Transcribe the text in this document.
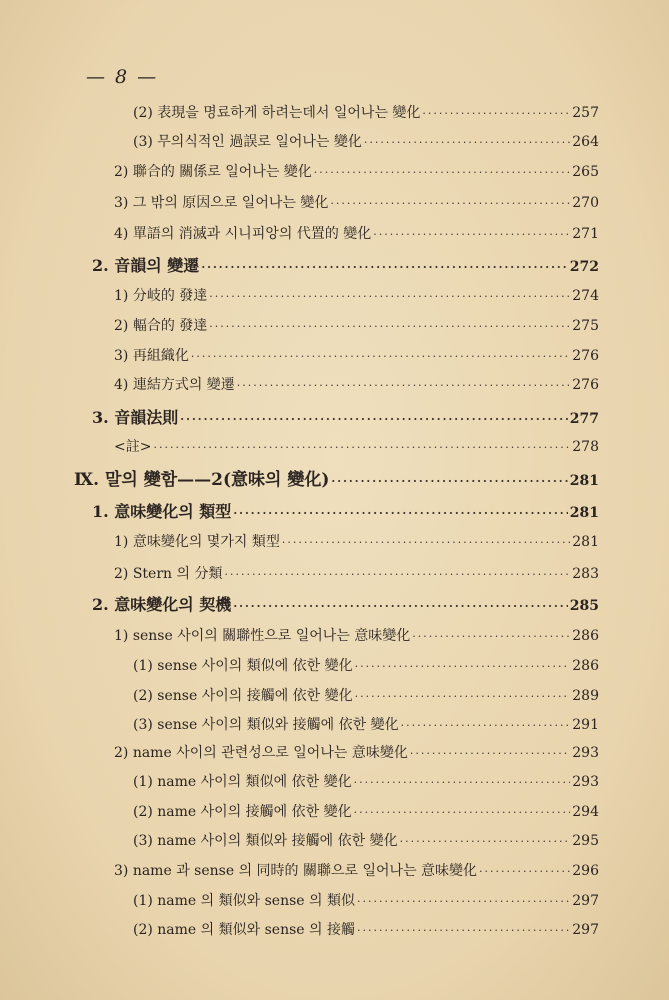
— 8 —
(2) 表現을 명료하게 하려는데서 일어나는 變化 ·····	257
(3) 무의식적인 過誤로 일어나는 變化 ·····	264
2) 聯合的 關係로 일어나는 變化 ·····	265
3) 그 밖의 原因으로 일어나는 變化 ·····	270
4) 單語의 消滅과 시니피앙의 代置的 變化 ·····	271
2. 音韻의 變遷 ·····	272
1) 分岐的 發達 ·····	274
2) 輻合的 發達 ·····	275
3) 再組織化 ·····	276
4) 連結方式의 變遷 ·····	276
3. 音韻法則 ·····	277
<註> ·····	278
Ⅸ. 말의 變함——2(意味의 變化) ·····	281
1. 意味變化의 類型 ·····	281
1) 意味變化의 몇가지 類型 ·····	281
2) Stern 의 分類 ·····	283
2. 意味變化의 契機 ·····	285
1) sense 사이의 關聯性으로 일어나는 意味變化 ·····	286
(1) sense 사이의 類似에 依한 變化 ·····	286
(2) sense 사이의 接觸에 依한 變化 ·····	289
(3) sense 사이의 類似와 接觸에 依한 變化 ·····	291
2) name 사이의 관련성으로 일어나는 意味變化 ·····	293
(1) name 사이의 類似에 依한 變化 ·····	293
(2) name 사이의 接觸에 依한 變化 ·····	294
(3) name 사이의 類似와 接觸에 依한 變化 ·····	295
3) name 과 sense 의 同時的 關聯으로 일어나는 意味變化 ·····	296
(1) name 의 類似와 sense 의 類似 ·····	297
(2) name 의 類似와 sense 의 接觸 ·····	297
